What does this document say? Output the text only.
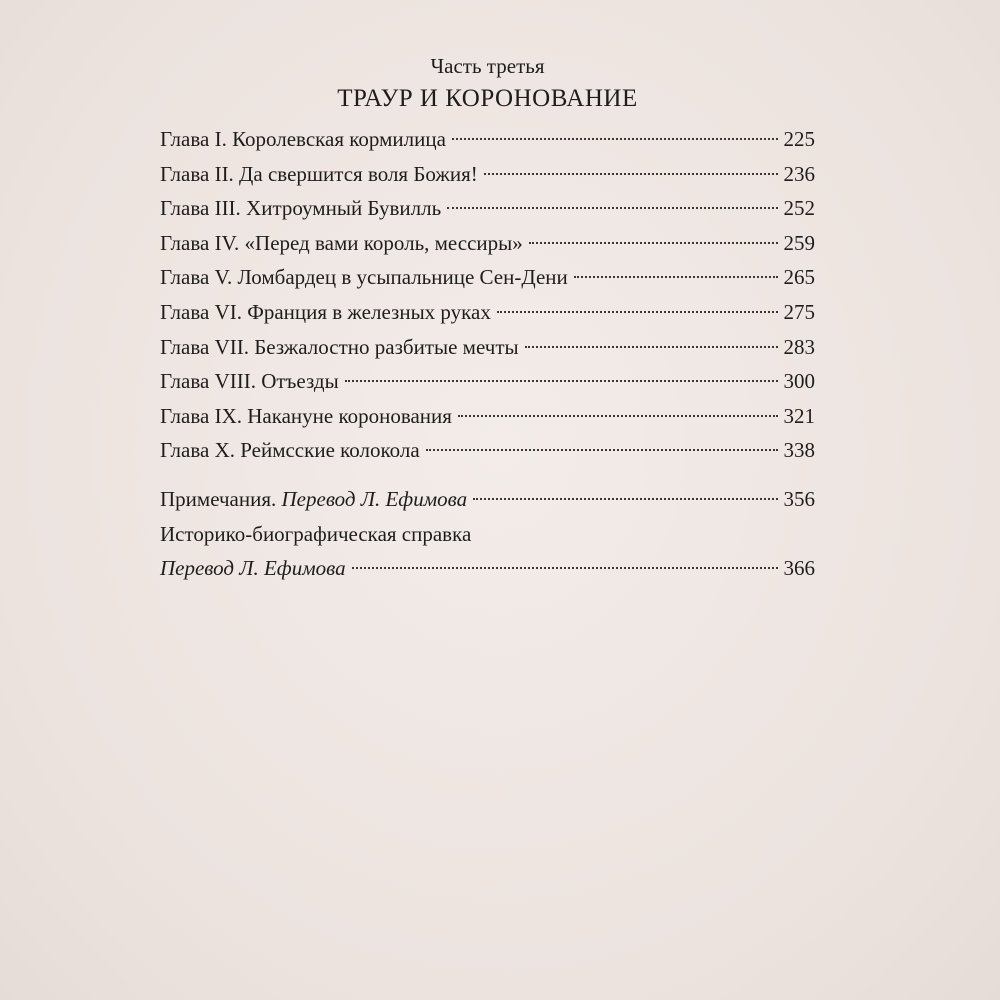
Часть третья

ТРАУР И КОРОНОВАНИЕ

Глава I. Королевская кормилица	225
Глава II. Да свершится воля Божия!	236
Глава III. Хитроумный Бувилль	252
Глава IV. «Перед вами король, мессиры»	259
Глава V. Ломбардец в усыпальнице Сен-Дени	265
Глава VI. Франция в железных руках	275
Глава VII. Безжалостно разбитые мечты	283
Глава VIII. Отъезды	300
Глава IX. Накануне коронования	321
Глава X. Реймсские колокола	338
Примечания. Перевод Л. Ефимова	356
Историко-биографическая справка
Перевод Л. Ефимова	366
